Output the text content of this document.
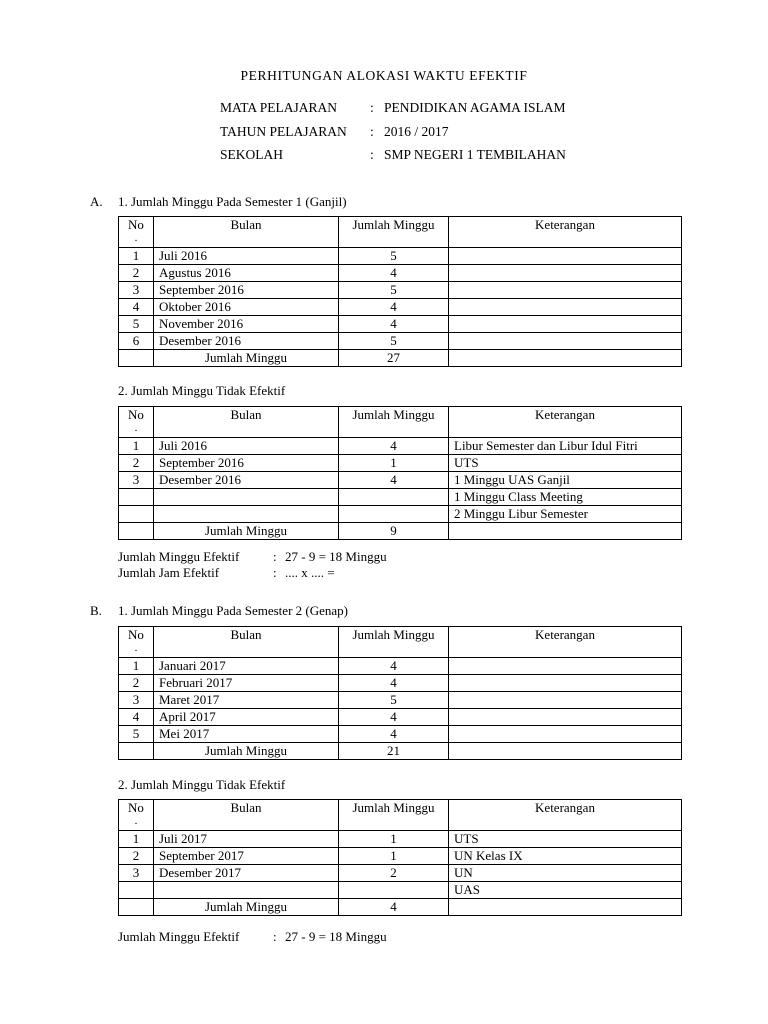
PERHITUNGAN ALOKASI WAKTU EFEKTIF
MATA PELAJARAN : PENDIDIKAN AGAMA ISLAM
TAHUN PELAJARAN : 2016 / 2017
SEKOLAH	: SMP NEGERI 1 TEMBILAHAN
A. 1. Jumlah Minggu Pada Semester 1 (Ganjil)
No
.	Bulan	Jumlah Minggu	Keterangan
1	Juli 2016	5	
2	Agustus 2016	4	
3	September 2016	5	
4	Oktober 2016	4	
5	November 2016	4	
6	Desember 2016	5	
	Jumlah Minggu	27	
2. Jumlah Minggu Tidak Efektif
No
.	Bulan	Jumlah Minggu	Keterangan
1	Juli 2016	4	Libur Semester dan Libur Idul Fitri
2	September 2016	1	UTS
3	Desember 2016	4	1 Minggu UAS Ganjil
			1 Minggu Class Meeting
			2 Minggu Libur Semester
	Jumlah Minggu	9	
Jumlah Minggu Efektif	: 27 - 9 = 18 Minggu
Jumlah Jam Efektif	: .... x .... =
B. 1. Jumlah Minggu Pada Semester 2 (Genap)
No
.	Bulan	Jumlah Minggu	Keterangan
1	Januari 2017	4	
2	Februari 2017	4	
3	Maret 2017	5	
4	April 2017	4	
5	Mei 2017	4	
	Jumlah Minggu	21	
2. Jumlah Minggu Tidak Efektif
No
.	Bulan	Jumlah Minggu	Keterangan
1	Juli 2017	1	UTS
2	September 2017	1	UN Kelas IX
3	Desember 2017	2	UN
			UAS
	Jumlah Minggu	4	
Jumlah Minggu Efektif	: 27 - 9 = 18 Minggu
